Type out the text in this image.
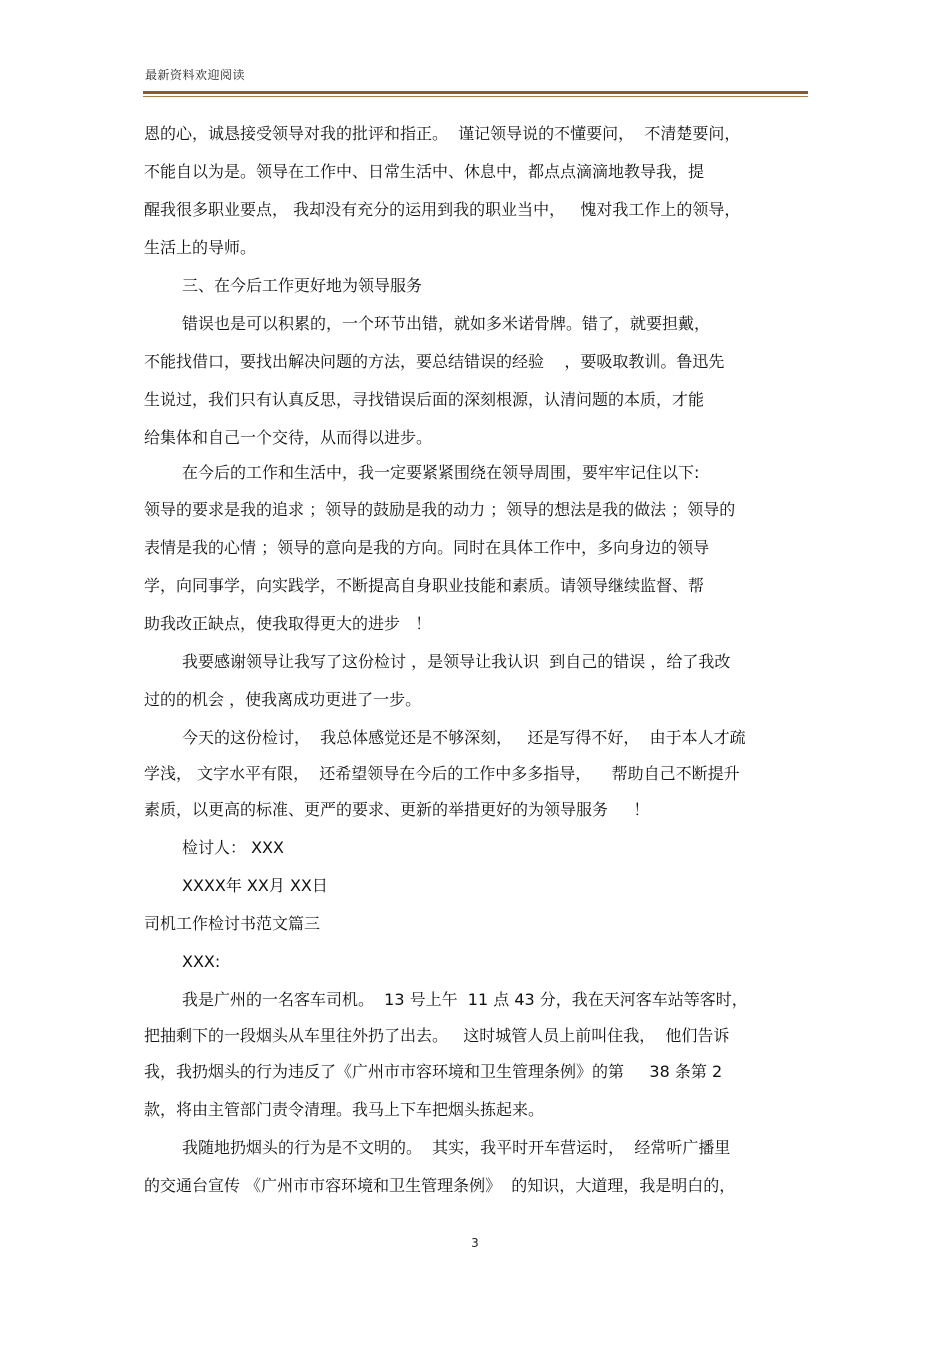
最新资料欢迎阅读
恩的心，诚恳接受领导对我的批评和指正。  谨记领导说的不懂要问，  不清楚要问，
不能自以为是。领导在工作中、日常生活中、休息中，都点点滴滴地教导我，提
醒我很多职业要点， 我却没有充分的运用到我的职业当中，   愧对我工作上的领导，
生活上的导师。
三、在今后工作更好地为领导服务
错误也是可以积累的，一个环节出错，就如多米诺骨牌。错了，就要担戴，
不能找借口，要找出解决问题的方法，要总结错误的经验    ，要吸取教训。鲁迅先
生说过，我们只有认真反思，寻找错误后面的深刻根源，认清问题的本质，才能
给集体和自己一个交待，从而得以进步。
在今后的工作和生活中，我一定要紧紧围绕在领导周围，要牢牢记住以下:
领导的要求是我的追求 ；领导的鼓励是我的动力 ；领导的想法是我的做法 ；领导的
表情是我的心情 ；领导的意向是我的方向。同时在具体工作中，多向身边的领导
学，向同事学，向实践学，不断提高自身职业技能和素质。请领导继续监督、帮
助我改正缺点，使我取得更大的进步   ！
我要感谢领导让我写了这份检讨 ，是领导让我认识  到自己的错误 ，给了我改
过的的机会 ，使我离成功更进了一步。
今天的这份检讨，  我总体感觉还是不够深刻，   还是写得不好，  由于本人才疏
学浅， 文字水平有限，  还希望领导在今后的工作中多多指导，    帮助自己不断提升
素质，以更高的标准、更严的要求、更新的举措更好的为领导服务     ！
检讨人： XXX
XXXX年 XX月 XX日
司机工作检讨书范文篇三
XXX:
我是广州的一名客车司机。  13 号上午  11 点 43 分，我在天河客车站等客时，
把抽剩下的一段烟头从车里往外扔了出去。   这时城管人员上前叫住我，  他们告诉
我，我扔烟头的行为违反了《广州市市容环境和卫生管理条例》的第     38 条第 2
款，将由主管部门责令清理。我马上下车把烟头拣起来。
我随地扔烟头的行为是不文明的。  其实，我平时开车营运时，  经常听广播里
的交通台宣传 《广州市市容环境和卫生管理条例》  的知识，大道理，我是明白的，
3
